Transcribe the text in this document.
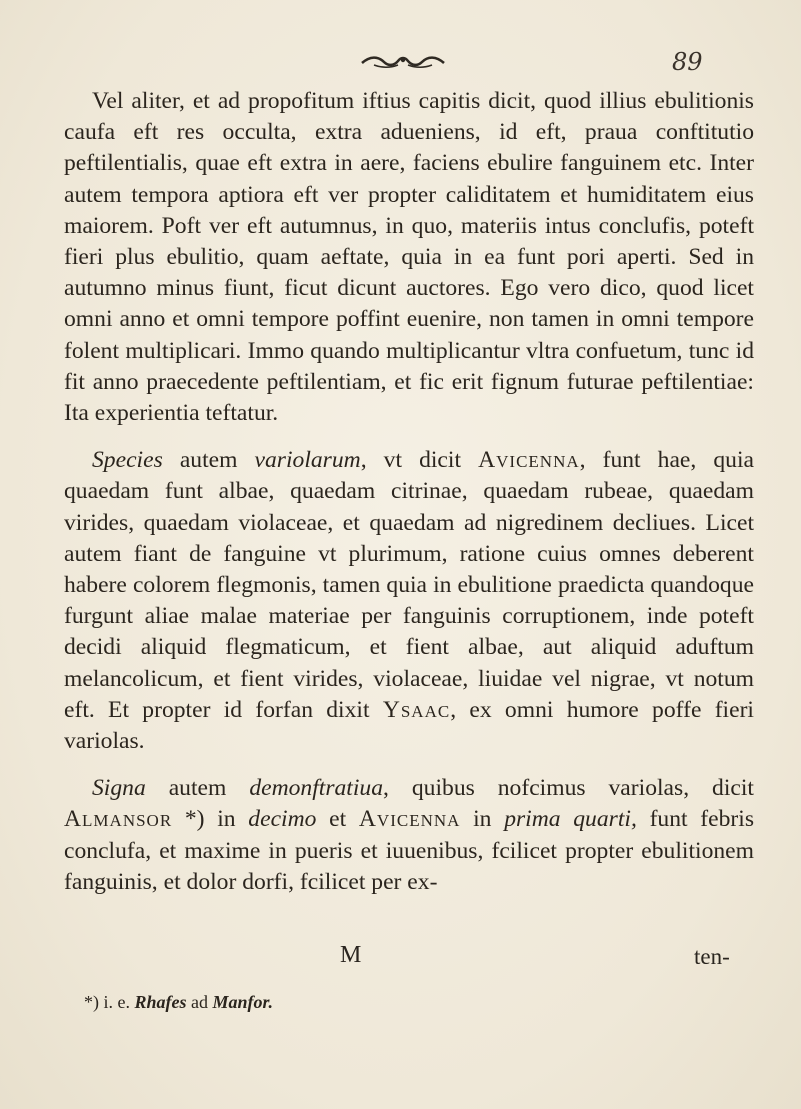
89

Vel aliter, et ad propofitum iftius capitis dicit, quod illius ebulitionis caufa eft res occulta, extra adueniens, id eft, praua conftitutio peftilentialis, quae eft extra in aere, faciens ebulire fanguinem etc. Inter autem tempora aptiora eft ver propter caliditatem et humiditatem eius maiorem. Poft ver eft autumnus, in quo, materiis intus conclufis, poteft fieri plus ebulitio, quam aeftate, quia in ea funt pori aperti. Sed in autumno minus fiunt, ficut dicunt auctores. Ego vero dico, quod licet omni anno et omni tempore poffint euenire, non tamen in omni tempore folent multiplicari. Immo quando multiplicantur vltra confuetum, tunc id fit anno praecedente peftilentiam, et fic erit fignum futurae peftilentiae: Ita experientia teftatur.

Species autem variolarum, vt dicit Avicenna, funt hae, quia quaedam funt albae, quaedam citrinae, quaedam rubeae, quaedam virides, quaedam violaceae, et quaedam ad nigredinem decliues. Licet autem fiant de fanguine vt plurimum, ratione cuius omnes deberent habere colorem flegmonis, tamen quia in ebulitione praedicta quandoque furgunt aliae malae materiae per fanguinis corruptionem, inde poteft decidi aliquid flegmaticum, et fient albae, aut aliquid aduftum melancolicum, et fient virides, violaceae, liuidae vel nigrae, vt notum eft. Et propter id forfan dixit Ysaac, ex omni humore poffe fieri variolas.

Signa autem demonftratiua, quibus nofcimus variolas, dicit Almansor *) in decimo et Avicenna in prima quarti, funt febris conclufa, et maxime in pueris et iuuenibus, fcilicet propter ebulitionem fanguinis, et dolor dorfi, fcilicet per ex-

M	ten-
*) i. e. Rhafes ad Manfor.
